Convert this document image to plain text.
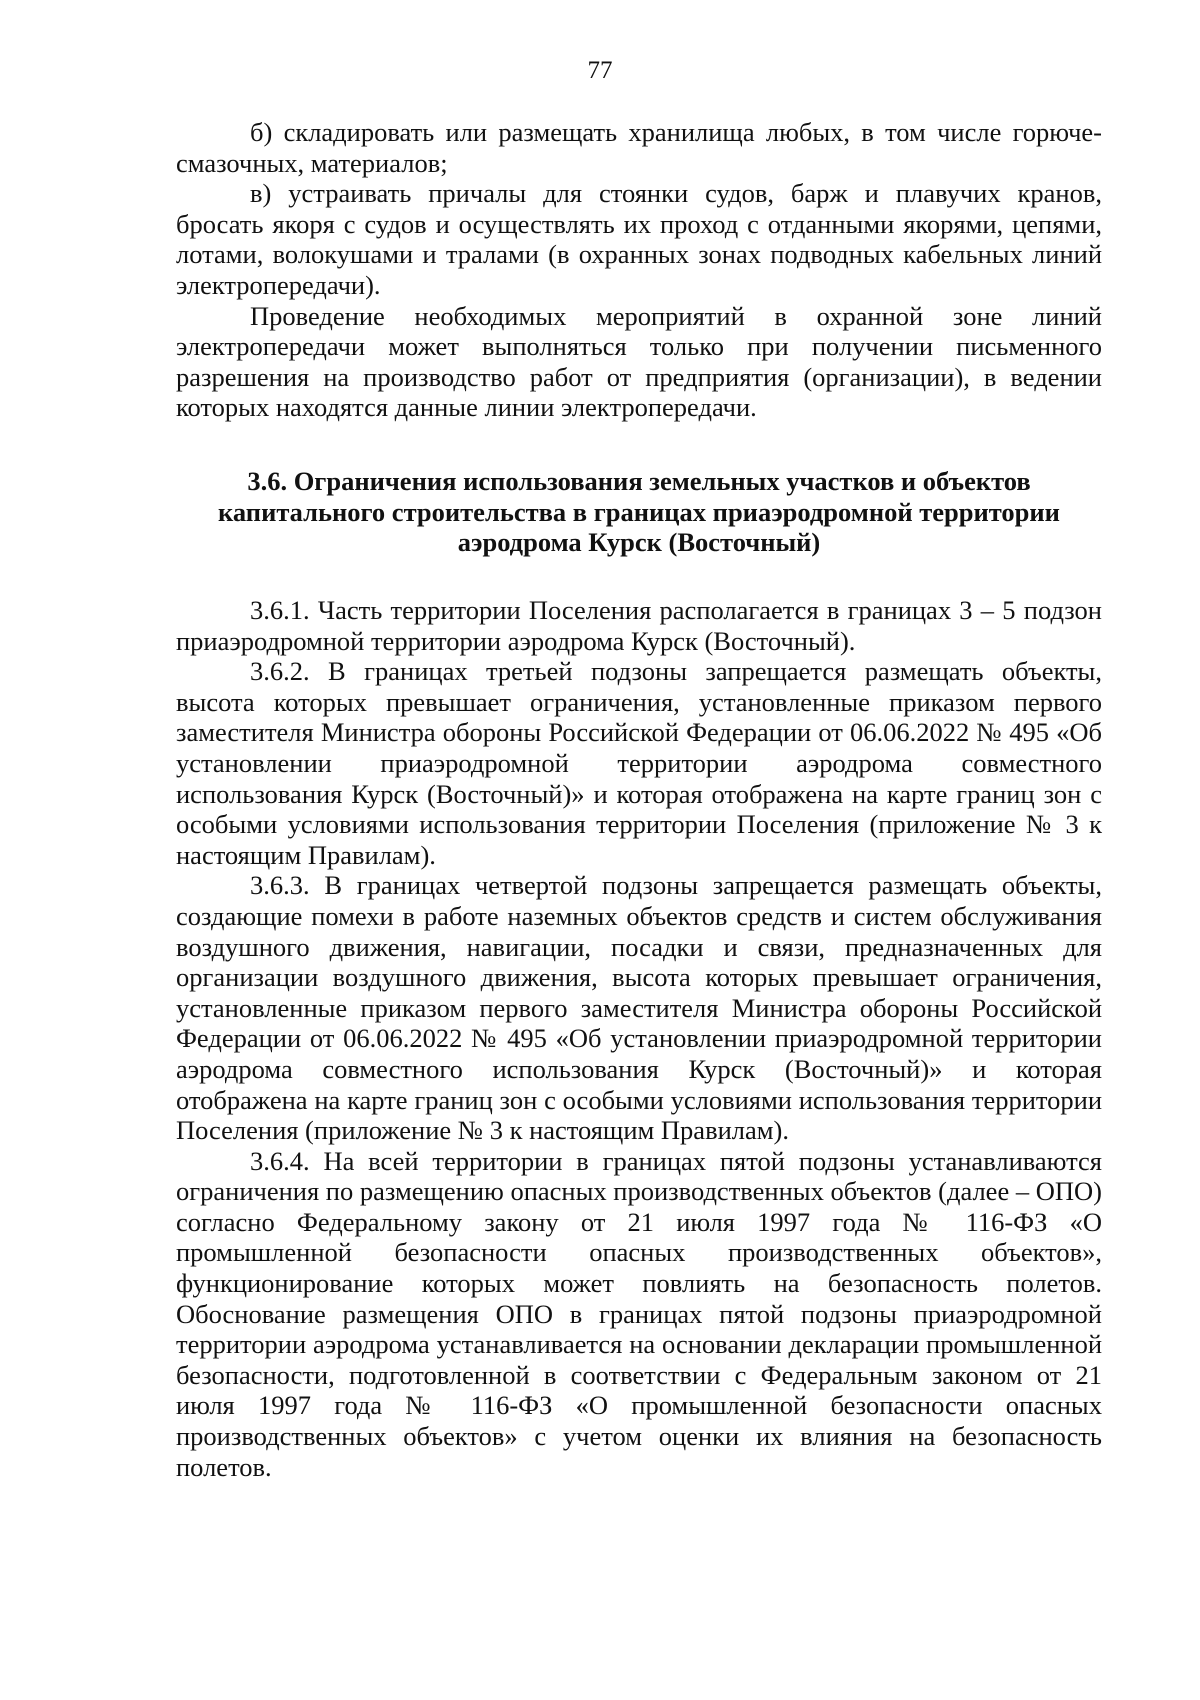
77

б) складировать или размещать хранилища любых, в том числе горюче-смазочных, материалов;

в) устраивать причалы для стоянки судов, барж и плавучих кранов, бросать якоря с судов и осуществлять их проход с отданными якорями, цепями, лотами, волокушами и тралами (в охранных зонах подводных кабельных линий электропередачи).

Проведение необходимых мероприятий в охранной зоне линий электропередачи может выполняться только при получении письменного разрешения на производство работ от предприятия (организации), в ведении которых находятся данные линии электропередачи.

3.6. Ограничения использования земельных участков и объектов капитального строительства в границах приаэродромной территории аэродрома Курск (Восточный)

3.6.1. Часть территории Поселения располагается в границах 3 – 5 подзон приаэродромной территории аэродрома Курск (Восточный).

3.6.2. В границах третьей подзоны запрещается размещать объекты, высота которых превышает ограничения, установленные приказом первого заместителя Министра обороны Российской Федерации от 06.06.2022 № 495 «Об установлении приаэродромной территории аэродрома совместного использования Курск (Восточный)» и которая отображена на карте границ зон с особыми условиями использования территории Поселения (приложение № 3 к настоящим Правилам).

3.6.3. В границах четвертой подзоны запрещается размещать объекты, создающие помехи в работе наземных объектов средств и систем обслуживания воздушного движения, навигации, посадки и связи, предназначенных для организации воздушного движения, высота которых превышает ограничения, установленные приказом первого заместителя Министра обороны Российской Федерации от 06.06.2022 № 495 «Об установлении приаэродромной территории аэродрома совместного использования Курск (Восточный)» и которая отображена на карте границ зон с особыми условиями использования территории Поселения (приложение № 3 к настоящим Правилам).

3.6.4. На всей территории в границах пятой подзоны устанавливаются ограничения по размещению опасных производственных объектов (далее – ОПО) согласно Федеральному закону от 21 июля 1997 года № 116-ФЗ «О промышленной безопасности опасных производственных объектов», функционирование которых может повлиять на безопасность полетов. Обоснование размещения ОПО в границах пятой подзоны приаэродромной территории аэродрома устанавливается на основании декларации промышленной безопасности, подготовленной в соответствии с Федеральным законом от 21 июля 1997 года № 116-ФЗ «О промышленной безопасности опасных производственных объектов» с учетом оценки их влияния на безопасность полетов.
